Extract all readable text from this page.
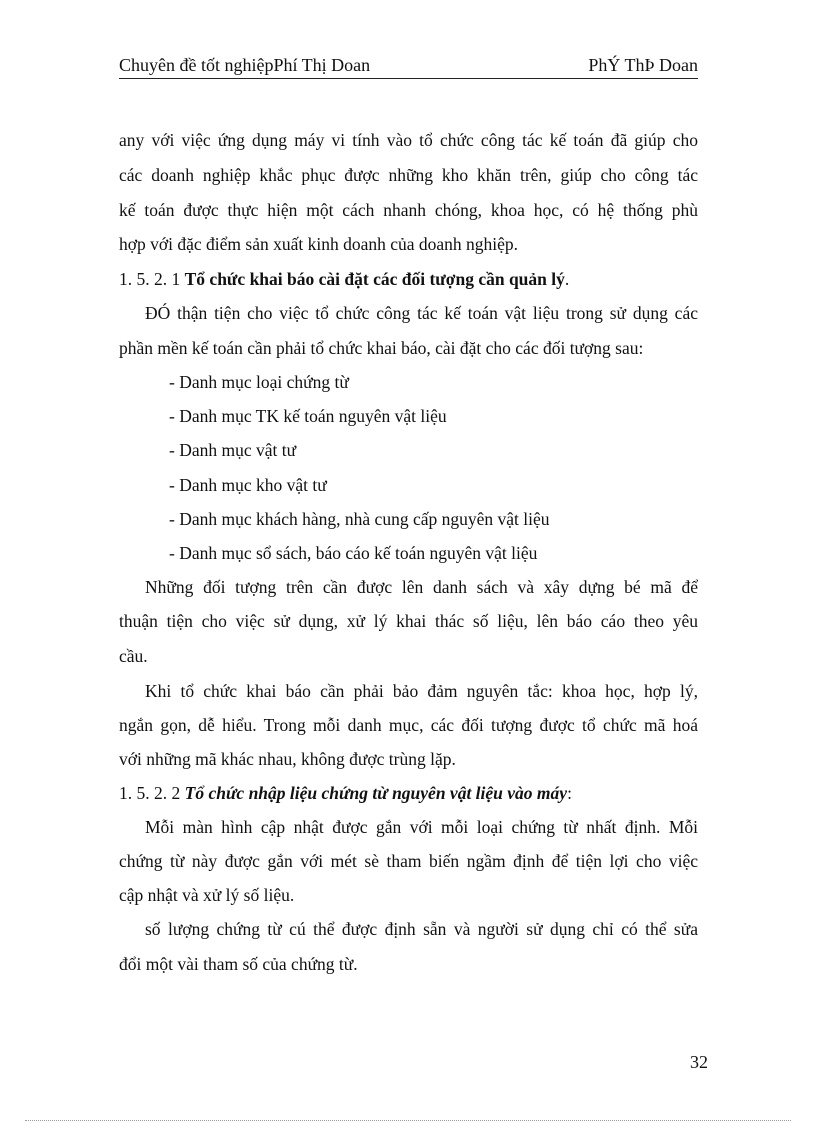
Chuyên đề tốt nghiệpPhí Thị Doan	PhÝ ThÞ Doan
any với việc ứng dụng máy vi tính vào tổ chức công tác kế toán đã giúp cho
các doanh nghiệp khắc phục được những kho khăn trên, giúp cho công tác
kế toán được thực hiện một cách nhanh chóng, khoa học, có hệ thống phù
hợp với đặc điểm sản xuất kinh doanh của doanh nghiệp.
1. 5. 2. 1 Tổ chức khai báo cài đặt các đối tượng cần quản lý.
ĐÓ thận tiện cho việc tổ chức công tác kế toán vật liệu trong sử dụng các
phần mền kế toán cần phải tổ chức khai báo, cài đặt cho các đối tượng sau:
- Danh mục loại chứng từ
- Danh mục TK kế toán nguyên vật liệu
- Danh mục vật tư
- Danh mục kho vật tư
- Danh mục khách hàng, nhà cung cấp nguyên vật liệu
- Danh mục sổ sách, báo cáo kế toán nguyên vật liệu
Những đối tượng trên cần được lên danh sách và xây dựng bé mã để
thuận tiện cho việc sử dụng, xử lý khai thác số liệu, lên báo cáo theo yêu
cầu.
Khi tổ chức khai báo cần phải bảo đảm nguyên tắc: khoa học, hợp lý,
ngắn gọn, dễ hiểu. Trong mỗi danh mục, các đối tượng được tổ chức mã hoá
với những mã khác nhau, không được trùng lặp.
1. 5. 2. 2 Tổ chức nhập liệu chứng từ nguyên vật liệu vào máy:
Mỗi màn hình cập nhật được gắn với mỗi loại chứng từ nhất định. Mỗi
chứng từ này được gắn với mét sè tham biến ngầm định để tiện lợi cho việc
cập nhật và xử lý số liệu.
số lượng chứng từ cú thể được định sẵn và người sử dụng chỉ có thể sửa
đổi một vài tham số của chứng từ.
32
